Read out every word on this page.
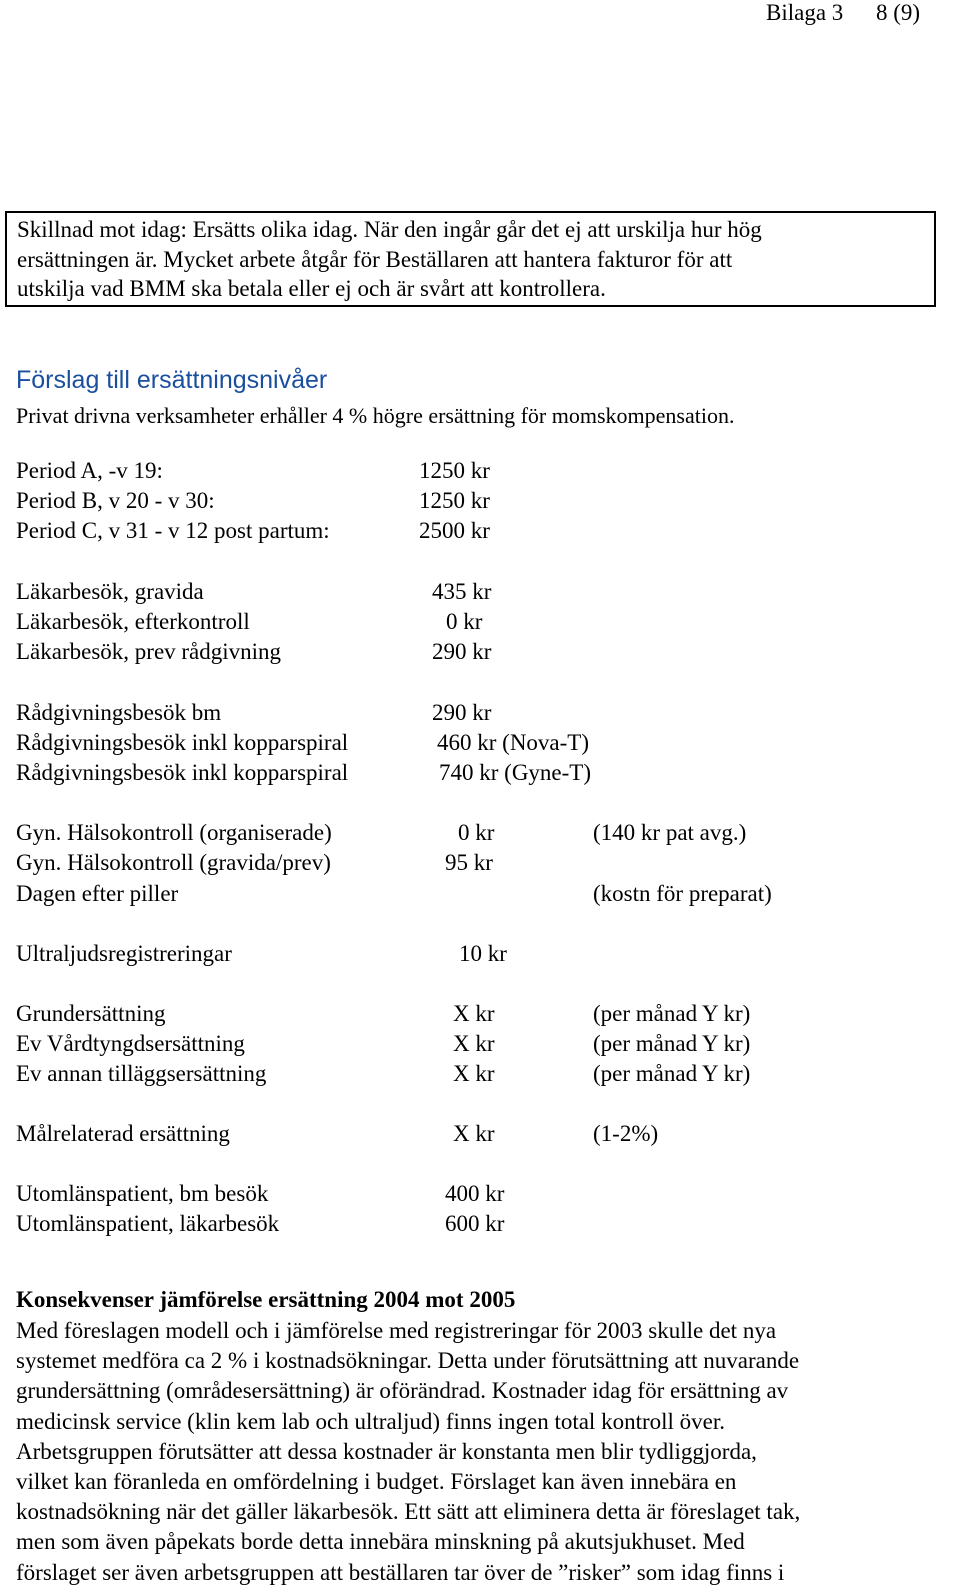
Bilaga 3 8 (9)

Skillnad mot idag: Ersätts olika idag. När den ingår går det ej att urskilja hur hög

ersättningen är. Mycket arbete åtgår för Beställaren att hantera fakturor för att

utskilja vad BMM ska betala eller ej och är svårt att kontrollera.

Förslag till ersättningsnivåer
Privat drivna verksamheter erhåller 4 % högre ersättning för momskompensation.
Period A, -v 19:	1250 kr
Period B, v 20 - v 30:	1250 kr
Period C, v 31 - v 12 post partum:	2500 kr
Läkarbesök, gravida	435 kr
Läkarbesök, efterkontroll	0 kr
Läkarbesök, prev rådgivning	290 kr
Rådgivningsbesök bm	290 kr
Rådgivningsbesök inkl kopparspiral	460 kr (Nova-T)
Rådgivningsbesök inkl kopparspiral	740 kr (Gyne-T)
Gyn. Hälsokontroll (organiserade)	0 kr	(140 kr pat avg.)
Gyn. Hälsokontroll (gravida/prev)	95 kr
Dagen efter piller	(kostn för preparat)
Ultraljudsregistreringar	10 kr
Grundersättning	X kr	(per månad Y kr)
Ev Vårdtyngdsersättning	X kr	(per månad Y kr)
Ev annan tilläggsersättning	X kr	(per månad Y kr)
Målrelaterad ersättning	X kr	(1-2%)
Utomlänspatient, bm besök	400 kr
Utomlänspatient, läkarbesök	600 kr
Konsekvenser jämförelse ersättning 2004 mot 2005

Med föreslagen modell och i jämförelse med registreringar för 2003 skulle det nya

systemet medföra ca 2 % i kostnadsökningar. Detta under förutsättning att nuvarande

grundersättning (områdesersättning) är oförändrad. Kostnader idag för ersättning av

medicinsk service (klin kem lab och ultraljud) finns ingen total kontroll över.

Arbetsgruppen förutsätter att dessa kostnader är konstanta men blir tydliggjorda,

vilket kan föranleda en omfördelning i budget. Förslaget kan även innebära en

kostnadsökning när det gäller läkarbesök. Ett sätt att eliminera detta är föreslaget tak,

men som även påpekats borde detta innebära minskning på akutsjukhuset. Med

förslaget ser även arbetsgruppen att beställaren tar över de ”risker” som idag finns i
